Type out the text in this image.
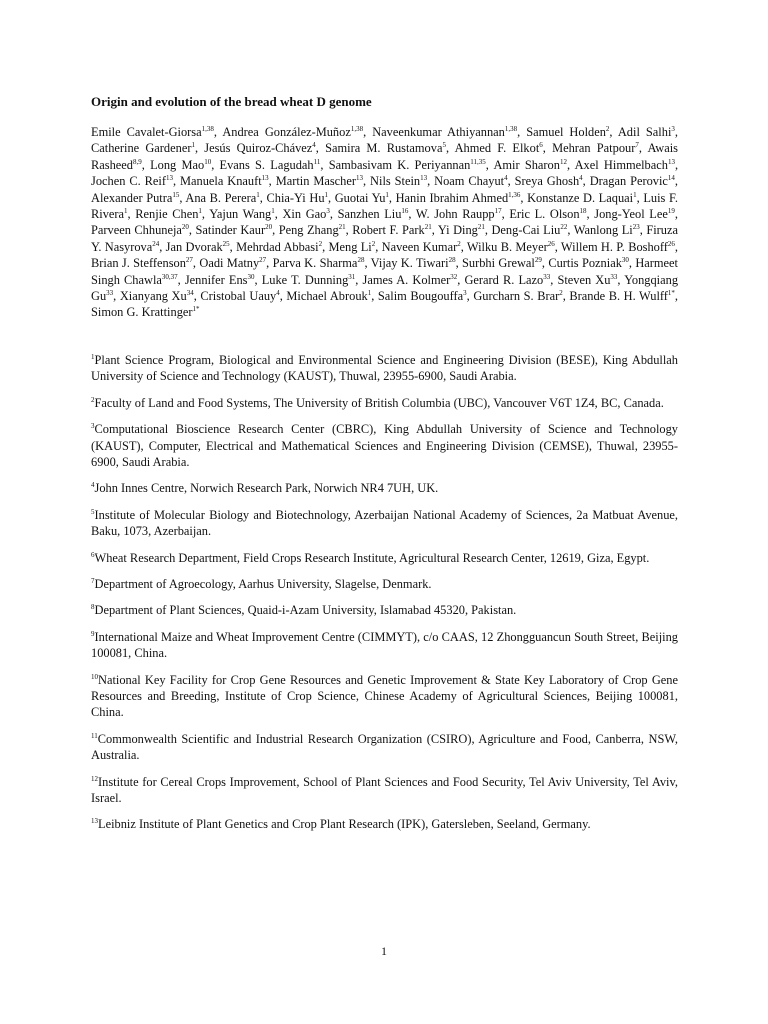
Origin and evolution of the bread wheat D genome

Emile Cavalet-Giorsa$^{1,38}$, Andrea González-Muñoz$^{1,38}$, Naveenkumar Athiyannan$^{1,38}$, Samuel Holden$^2$, Adil Salhi$^3$, Catherine Gardener$^1$, Jesús Quiroz-Chávez$^4$, Samira M. Rustamova$^5$, Ahmed F. Elkot$^6$, Mehran Patpour$^7$, Awais Rasheed$^{8,9}$, Long Mao$^{10}$, Evans S. Lagudah$^{11}$, Sambasivam K. Periyannan$^{11,35}$, Amir Sharon$^{12}$, Axel Himmelbach$^{13}$, Jochen C. Reif$^{13}$, Manuela Knauft$^{13}$, Martin Mascher$^{13}$, Nils Stein$^{13}$, Noam Chayut$^4$, Sreya Ghosh$^4$, Dragan Perovic$^{14}$, Alexander Putra$^{15}$, Ana B. Perera$^1$, Chia-Yi Hu$^1$, Guotai Yu$^1$, Hanin Ibrahim Ahmed$^{1,36}$, Konstanze D. Laquai$^1$, Luis F. Rivera$^1$, Renjie Chen$^1$, Yajun Wang$^1$, Xin Gao$^3$, Sanzhen Liu$^{16}$, W. John Raupp$^{17}$, Eric L. Olson$^{18}$, Jong-Yeol Lee$^{19}$, Parveen Chhuneja$^{20}$, Satinder Kaur$^{20}$, Peng Zhang$^{21}$, Robert F. Park$^{21}$, Yi Ding$^{21}$, Deng-Cai Liu$^{22}$, Wanlong Li$^{23}$, Firuza Y. Nasyrova$^{24}$, Jan Dvorak$^{25}$, Mehrdad Abbasi$^2$, Meng Li$^2$, Naveen Kumar$^2$, Wilku B. Meyer$^{26}$, Willem H. P. Boshoff$^{26}$, Brian J. Steffenson$^{27}$, Oadi Matny$^{27}$, Parva K. Sharma$^{28}$, Vijay K. Tiwari$^{28}$, Surbhi Grewal$^{29}$, Curtis Pozniak$^{30}$, Harmeet Singh Chawla$^{30,37}$, Jennifer Ens$^{30}$, Luke T. Dunning$^{31}$, James A. Kolmer$^{32}$, Gerard R. Lazo$^{33}$, Steven Xu$^{33}$, Yongqiang Gu$^{33}$, Xianyang Xu$^{34}$, Cristobal Uauy$^4$, Michael Abrouk$^1$, Salim Bougouffa$^3$, Gurcharn S. Brar$^2$, Brande B. H. Wulff$^{1*}$, Simon G. Krattinger$^{1*}$

$^1$Plant Science Program, Biological and Environmental Science and Engineering Division (BESE), King Abdullah University of Science and Technology (KAUST), Thuwal, 23955-6900, Saudi Arabia.

$^2$Faculty of Land and Food Systems, The University of British Columbia (UBC), Vancouver V6T 1Z4, BC, Canada.

$^3$Computational Bioscience Research Center (CBRC), King Abdullah University of Science and Technology (KAUST), Computer, Electrical and Mathematical Sciences and Engineering Division (CEMSE), Thuwal, 23955-6900, Saudi Arabia.

$^4$John Innes Centre, Norwich Research Park, Norwich NR4 7UH, UK.

$^5$Institute of Molecular Biology and Biotechnology, Azerbaijan National Academy of Sciences, 2a Matbuat Avenue, Baku, 1073, Azerbaijan.

$^6$Wheat Research Department, Field Crops Research Institute, Agricultural Research Center, 12619, Giza, Egypt.

$^7$Department of Agroecology, Aarhus University, Slagelse, Denmark.

$^8$Department of Plant Sciences, Quaid-i-Azam University, Islamabad 45320, Pakistan.

$^9$International Maize and Wheat Improvement Centre (CIMMYT), c/o CAAS, 12 Zhongguancun South Street, Beijing 100081, China.

$^{10}$National Key Facility for Crop Gene Resources and Genetic Improvement & State Key Laboratory of Crop Gene Resources and Breeding, Institute of Crop Science, Chinese Academy of Agricultural Sciences, Beijing 100081, China.

$^{11}$Commonwealth Scientific and Industrial Research Organization (CSIRO), Agriculture and Food, Canberra, NSW, Australia.

$^{12}$Institute for Cereal Crops Improvement, School of Plant Sciences and Food Security, Tel Aviv University, Tel Aviv, Israel.

$^{13}$Leibniz Institute of Plant Genetics and Crop Plant Research (IPK), Gatersleben, Seeland, Germany.

1
